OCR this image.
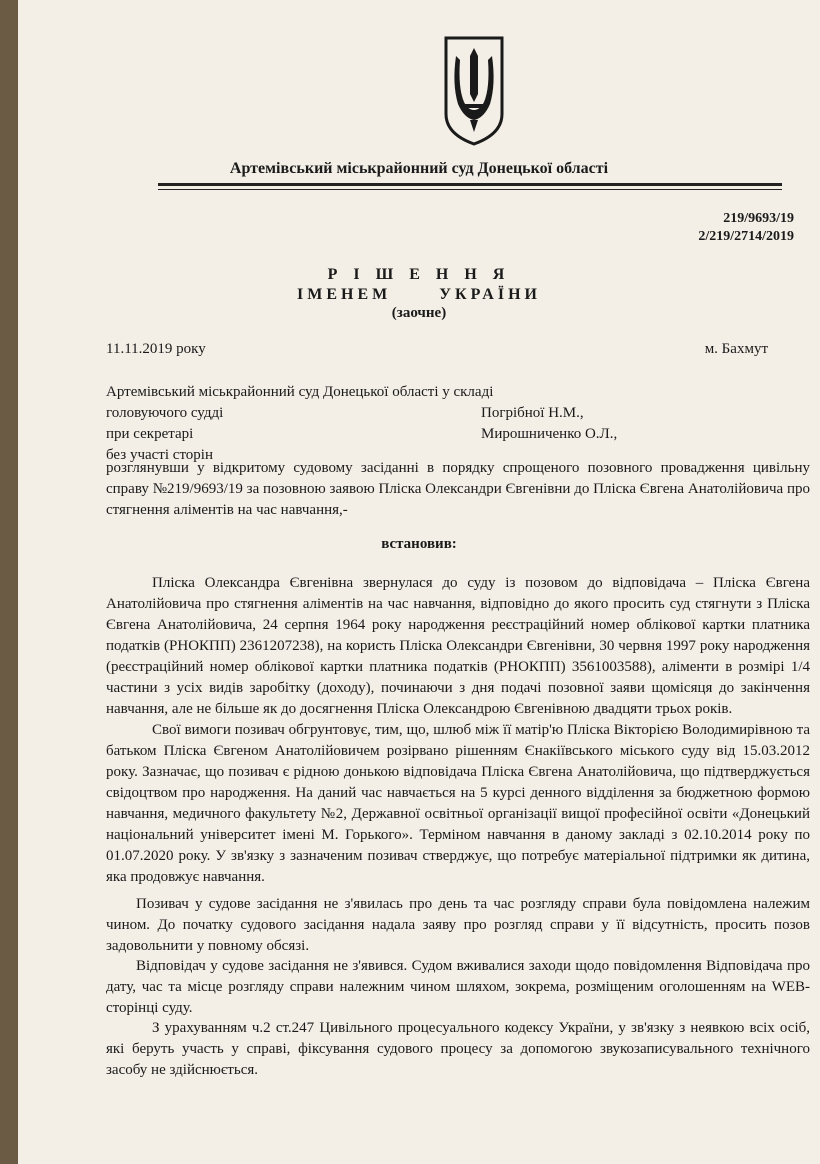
Артемівський міськрайонний суд Донецької області
219/9693/19
2/219/2714/2019
Р І Ш Е Н Н Я
ІМЕНЕМ УКРАЇНИ
(заочне)
11.11.2019 року	м. Бахмут
Артемівський міськрайонний суд Донецької області у складі
головуючого судді	Погрібної Н.М.,
при секретарі	Мирошниченко О.Л.,
без участі сторін
розглянувши у відкритому судовому засіданні в порядку спрощеного позовного провадження цивільну справу №219/9693/19 за позовною заявою Пліска Олександри Євгенівни до Пліска Євгена Анатолійовича про стягнення аліментів на час навчання,-
встановив:
Пліска Олександра Євгенівна звернулася до суду із позовом до відповідача – Пліска Євгена Анатолійовича про стягнення аліментів на час навчання, відповідно до якого просить суд стягнути з Пліска Євгена Анатолійовича, 24 серпня 1964 року народження реєстраційний номер облікової картки платника податків (РНОКПП) 2361207238), на користь Пліска Олександри Євгенівни, 30 червня 1997 року народження (реєстраційний номер облікової картки платника податків (РНОКПП) 3561003588), аліменти в розмірі 1/4 частини з усіх видів заробітку (доходу), починаючи з дня подачі позовної заяви щомісяця до закінчення навчання, але не більше як до досягнення Пліска Олександрою Євгенівною двадцяти трьох років.
Свої вимоги позивач обгрунтовує, тим, що, шлюб між її матір'ю Пліска Вікторією Володимирівною та батьком Пліска Євгеном Анатолійовичем розірвано рішенням Єнакіївського міського суду від 15.03.2012 року. Зазначає, що позивач є рідною донькою відповідача Пліска Євгена Анатолійовича, що підтверджується свідоцтвом про народження. На даний час навчається на 5 курсі денного відділення за бюджетною формою навчання, медичного факультету №2, Державної освітньої організації вищої професійної освіти «Донецький національний університет імені М. Горького». Терміном навчання в даному закладі з 02.10.2014 року по 01.07.2020 року. У зв'язку з зазначеним позивач стверджує, що потребує матеріальної підтримки як дитина, яка продовжує навчання.
Позивач у судове засідання не з'явилась про день та час розгляду справи була повідомлена належим чином. До початку судового засідання надала заяву про розгляд справи у її відсутність, просить позов задовольнити у повному обсязі.
Відповідач у судове засідання не з'явився. Судом вживалися заходи щодо повідомлення Відповідача про дату, час та місце розгляду справи належним чином шляхом, зокрема, розміщеним оголошенням на WEB-сторінці суду.
З урахуванням ч.2 ст.247 Цивільного процесуального кодексу України, у зв'язку з неявкою всіх осіб, які беруть участь у справі, фіксування судового процесу за допомогою звукозаписувального технічного засобу не здійснюється.
